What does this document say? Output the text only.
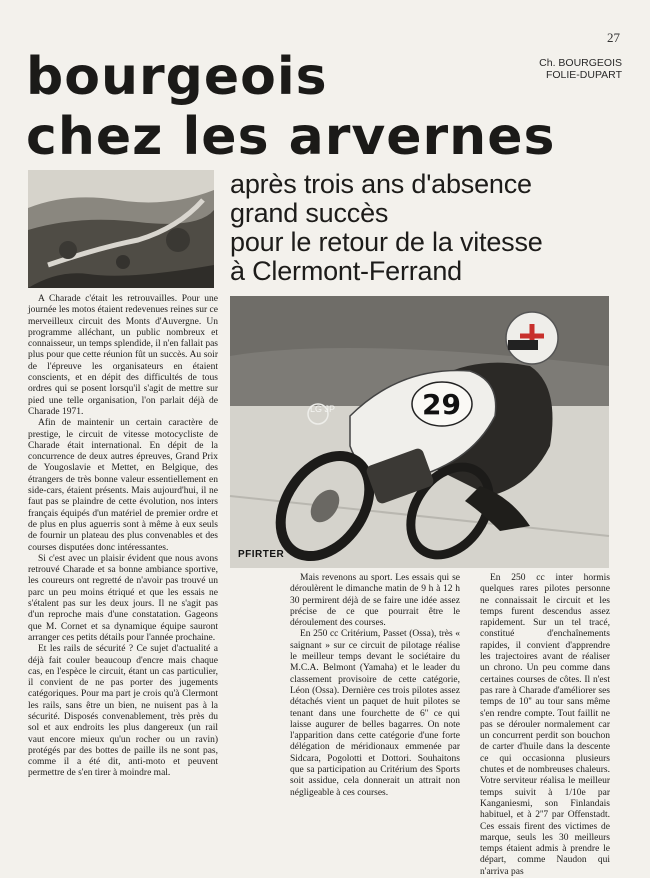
27
Ch. BOURGEOIS
FOLIE-DUPART
bourgeois
chez les arvernes
après trois ans d'absence
grand succès
pour le retour de la vitesse
à Clermont-Ferrand
29
LG JP
PFIRTER

A Charade c'était les retrouvailles. Pour une journée les motos étaient redevenues reines sur ce merveilleux circuit des Monts d'Auvergne. Un programme alléchant, un public nombreux et connaisseur, un temps splendide, il n'en fallait pas plus pour que cette réunion fût un succès. Au soir de l'épreuve les organisateurs en étaient conscients, et en dépit des difficultés de tous ordres qui se posent lorsqu'il s'agit de mettre sur pied une telle organisation, l'on parlait déjà de Charade 1971.

Afin de maintenir un certain caractère de prestige, le circuit de vitesse motocycliste de Charade était international. En dépit de la concurrence de deux autres épreuves, Grand Prix de Yougoslavie et Mettet, en Belgique, des étrangers de très bonne valeur essentiellement en side-cars, étaient présents. Mais aujourd'hui, il ne faut pas se plaindre de cette évolution, nos inters français équipés d'un matériel de premier ordre et de plus en plus aguerris sont à même à eux seuls de fournir un plateau des plus convenables et des courses disputées donc intéressantes.

Si c'est avec un plaisir évident que nous avons retrouvé Charade et sa bonne ambiance sportive, les coureurs ont regretté de n'avoir pas trouvé un parc un peu moins étriqué et que les essais ne s'étalent pas sur les deux jours. Il ne s'agit pas d'un reproche mais d'une constatation. Gageons que M. Cornet et sa dynamique équipe sauront arranger ces petits détails pour l'année prochaine.

Et les rails de sécurité ? Ce sujet d'actualité a déjà fait couler beaucoup d'encre mais chaque cas, en l'espèce le circuit, étant un cas particulier, il convient de ne pas porter des jugements catégoriques. Pour ma part je crois qu'à Clermont les rails, sans être un bien, ne nuisent pas à la sécurité. Disposés convenablement, très près du sol et aux endroits les plus dangereux (un rail vaut encore mieux qu'un rocher ou un ravin) protégés par des bottes de paille ils ne sont pas, comme il a été dit, anti-moto et peuvent permettre de s'en tirer à moindre mal.

Mais revenons au sport. Les essais qui se déroulèrent le dimanche matin de 9 h à 12 h 30 permirent déjà de se faire une idée assez précise de ce que pourrait être le déroulement des courses.

En 250 cc Critérium, Passet (Ossa), très « saignant » sur ce circuit de pilotage réalise le meilleur temps devant le sociétaire du M.C.A. Belmont (Yamaha) et le leader du classement provisoire de cette catégorie, Léon (Ossa). Dernière ces trois pilotes assez détachés vient un paquet de huit pilotes se tenant dans une fourchette de 6'' ce qui laisse augurer de belles bagarres. On note l'apparition dans cette catégorie d'une forte délégation de méridionaux emmenée par Sidcara, Pogolotti et Dottori. Souhaitons que sa participation au Critérium des Sports soit assidue, cela donnerait un attrait non négligeable à ces courses.

En 250 cc inter hormis quelques rares pilotes personne ne connaissait le circuit et les temps furent descendus assez rapidement. Sur un tel tracé, constitué d'enchaînements rapides, il convient d'apprendre les trajectoires avant de réaliser un chrono. Un peu comme dans certaines courses de côtes. Il n'est pas rare à Charade d'améliorer ses temps de 10'' au tour sans même s'en rendre compte. Tout faillit ne pas se dérouler normalement car un concurrent perdit son bouchon de carter d'huile dans la descente ce qui occasionna plusieurs chutes et de nombreuses chaleurs. Votre serviteur réalisa le meilleur temps suivit à 1/10e par Kanganiesmi, son Finlandais habituel, et à 2''7 par Offenstadt. Ces essais firent des victimes de marque, seuls les 30 meilleurs temps étaient admis à prendre le départ, comme Naudon qui n'arriva pas
